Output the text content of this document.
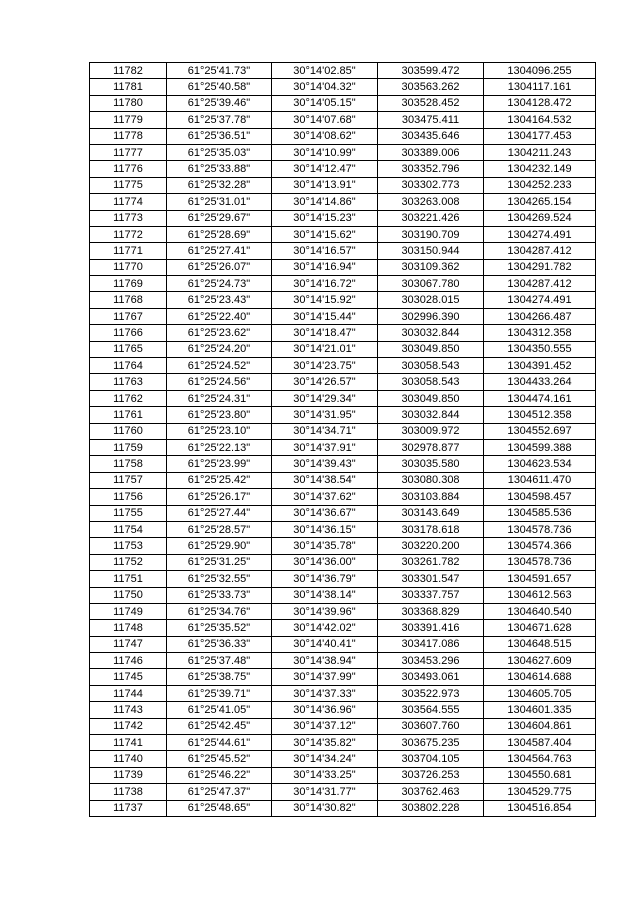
11782	61°25'41.73"	30°14'02.85"	303599.472	1304096.255
11781	61°25'40.58"	30°14'04.32"	303563.262	1304117.161
11780	61°25'39.46"	30°14'05.15"	303528.452	1304128.472
11779	61°25'37.78"	30°14'07.68"	303475.411	1304164.532
11778	61°25'36.51"	30°14'08.62"	303435.646	1304177.453
11777	61°25'35.03"	30°14'10.99"	303389.006	1304211.243
11776	61°25'33.88"	30°14'12.47"	303352.796	1304232.149
11775	61°25'32.28"	30°14'13.91"	303302.773	1304252.233
11774	61°25'31.01"	30°14'14.86"	303263.008	1304265.154
11773	61°25'29.67"	30°14'15.23"	303221.426	1304269.524
11772	61°25'28.69"	30°14'15.62"	303190.709	1304274.491
11771	61°25'27.41"	30°14'16.57"	303150.944	1304287.412
11770	61°25'26.07"	30°14'16.94"	303109.362	1304291.782
11769	61°25'24.73"	30°14'16.72"	303067.780	1304287.412
11768	61°25'23.43"	30°14'15.92"	303028.015	1304274.491
11767	61°25'22.40"	30°14'15.44"	302996.390	1304266.487
11766	61°25'23.62"	30°14'18.47"	303032.844	1304312.358
11765	61°25'24.20"	30°14'21.01"	303049.850	1304350.555
11764	61°25'24.52"	30°14'23.75"	303058.543	1304391.452
11763	61°25'24.56"	30°14'26.57"	303058.543	1304433.264
11762	61°25'24.31"	30°14'29.34"	303049.850	1304474.161
11761	61°25'23.80"	30°14'31.95"	303032.844	1304512.358
11760	61°25'23.10"	30°14'34.71"	303009.972	1304552.697
11759	61°25'22.13"	30°14'37.91"	302978.877	1304599.388
11758	61°25'23.99"	30°14'39.43"	303035.580	1304623.534
11757	61°25'25.42"	30°14'38.54"	303080.308	1304611.470
11756	61°25'26.17"	30°14'37.62"	303103.884	1304598.457
11755	61°25'27.44"	30°14'36.67"	303143.649	1304585.536
11754	61°25'28.57"	30°14'36.15"	303178.618	1304578.736
11753	61°25'29.90"	30°14'35.78"	303220.200	1304574.366
11752	61°25'31.25"	30°14'36.00"	303261.782	1304578.736
11751	61°25'32.55"	30°14'36.79"	303301.547	1304591.657
11750	61°25'33.73"	30°14'38.14"	303337.757	1304612.563
11749	61°25'34.76"	30°14'39.96"	303368.829	1304640.540
11748	61°25'35.52"	30°14'42.02"	303391.416	1304671.628
11747	61°25'36.33"	30°14'40.41"	303417.086	1304648.515
11746	61°25'37.48"	30°14'38.94"	303453.296	1304627.609
11745	61°25'38.75"	30°14'37.99"	303493.061	1304614.688
11744	61°25'39.71"	30°14'37.33"	303522.973	1304605.705
11743	61°25'41.05"	30°14'36.96"	303564.555	1304601.335
11742	61°25'42.45"	30°14'37.12"	303607.760	1304604.861
11741	61°25'44.61"	30°14'35.82"	303675.235	1304587.404
11740	61°25'45.52"	30°14'34.24"	303704.105	1304564.763
11739	61°25'46.22"	30°14'33.25"	303726.253	1304550.681
11738	61°25'47.37"	30°14'31.77"	303762.463	1304529.775
11737	61°25'48.65"	30°14'30.82"	303802.228	1304516.854
